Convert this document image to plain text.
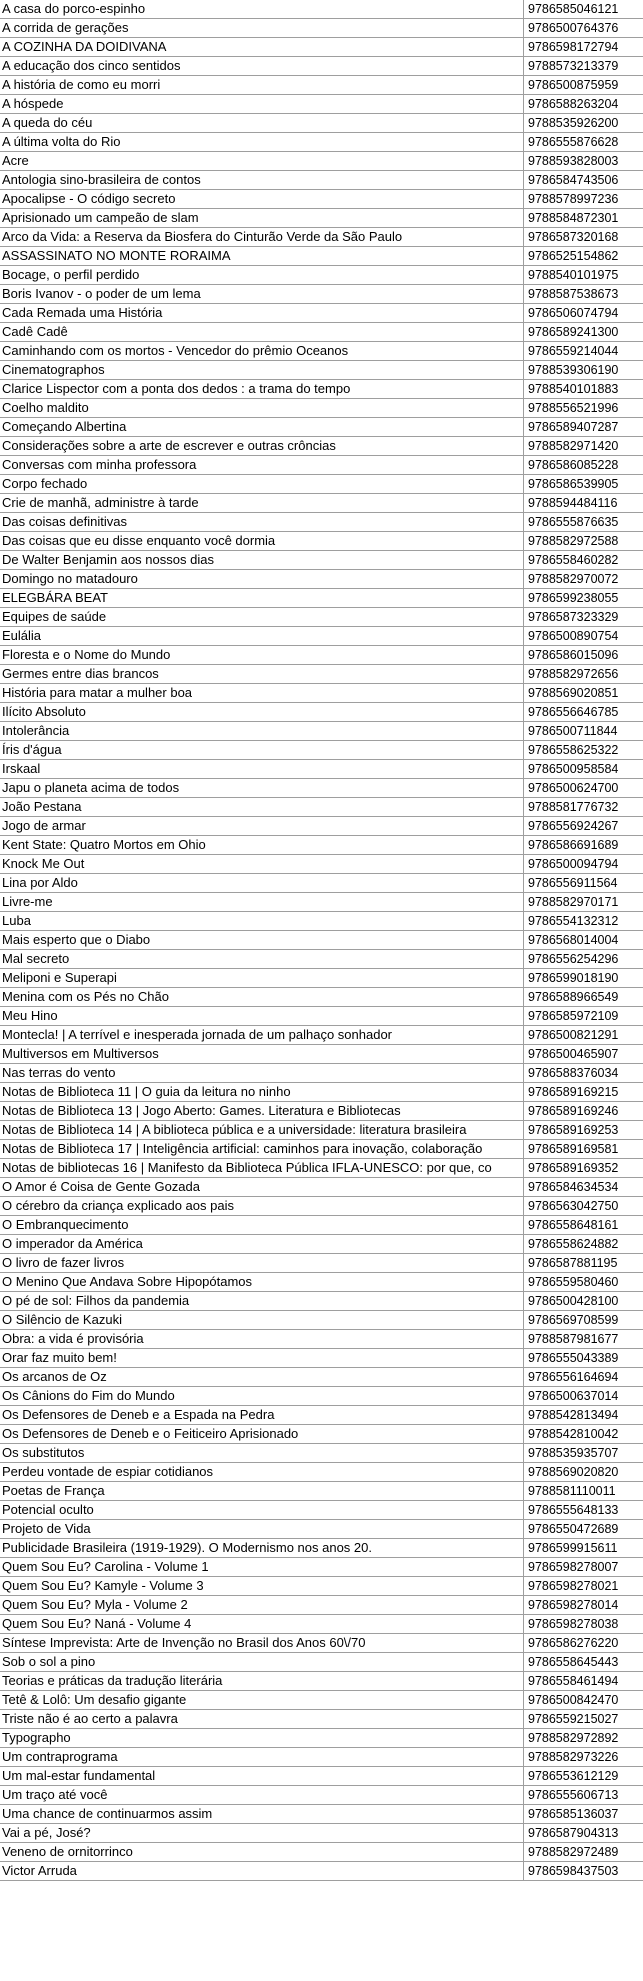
A casa do porco-espinho	9786585046121
A corrida de gerações	9786500764376
A COZINHA DA DOIDIVANA	9786598172794
A educação dos cinco sentidos	9788573213379
A história de como eu morri	9786500875959
A hóspede	9786588263204
A queda do céu	9788535926200
A última volta do Rio	9786555876628
Acre	9788593828003
Antologia sino-brasileira de contos	9786584743506
Apocalipse - O código secreto	9788578997236
Aprisionado um campeão de slam	9788584872301
Arco da Vida: a Reserva da Biosfera do Cinturão Verde da São Paulo	9786587320168
ASSASSINATO NO MONTE RORAIMA	9786525154862
Bocage, o perfil perdido	9788540101975
Boris Ivanov - o poder de um lema	9788587538673
Cada Remada uma História	9786506074794
Cadê Cadê	9786589241300
Caminhando com os mortos - Vencedor do prêmio Oceanos	9786559214044
Cinematographos	9788539306190
Clarice Lispector com a ponta dos dedos : a trama do tempo	9788540101883
Coelho maldito	9788556521996
Começando Albertina	9786589407287
Considerações sobre a arte de escrever e outras crôncias	9788582971420
Conversas com minha professora	9786586085228
Corpo fechado	9786586539905
Crie de manhã, administre à tarde	9788594484116
Das coisas definitivas	9786555876635
Das coisas que eu disse enquanto você dormia	9788582972588
De Walter Benjamin aos nossos dias	9786558460282
Domingo no matadouro	9788582970072
ELEGBÁRA BEAT	9786599238055
Equipes de saúde	9786587323329
Eulália	9786500890754
Floresta e o Nome do Mundo	9786586015096
Germes entre dias brancos	9788582972656
História para matar a mulher boa	9788569020851
Ilícito Absoluto	9786556646785
Intolerância	9786500711844
Íris d'água	9786558625322
Irskaal	9786500958584
Japu o planeta acima de todos	9786500624700
João Pestana	9788581776732
Jogo de armar	9786556924267
Kent State: Quatro Mortos em Ohio	9786586691689
Knock Me Out	9786500094794
Lina por Aldo	9786556911564
Livre-me	9788582970171
Luba	9786554132312
Mais esperto que o Diabo	9786568014004
Mal secreto	9786556254296
Meliponi e Superapi	9786599018190
Menina com os Pés no Chão	9786588966549
Meu Hino	9786585972109
Montecla! | A terrível e inesperada jornada de um palhaço sonhador	9786500821291
Multiversos em Multiversos	9786500465907
Nas terras do vento	9786588376034
Notas de Biblioteca 11 | O guia da leitura no ninho	9786589169215
Notas de Biblioteca 13 | Jogo Aberto: Games. Literatura e Bibliotecas	9786589169246
Notas de Biblioteca 14 | A biblioteca pública e a universidade: literatura brasileira	9786589169253
Notas de Biblioteca 17 | Inteligência artificial: caminhos para inovação, colaboração	9786589169581
Notas de bibliotecas 16 | Manifesto da Biblioteca Pública IFLA-UNESCO: por que, co	9786589169352
O Amor é Coisa de Gente Gozada	9786584634534
O cérebro da criança explicado aos pais	9786563042750
O Embranquecimento	9786558648161
O imperador da América	9786558624882
O livro de fazer livros	9786587881195
O Menino Que Andava Sobre Hipopótamos	9786559580460
O pé de sol: Filhos da pandemia	9786500428100
O Silêncio de Kazuki	9786569708599
Obra: a vida é provisória	9788587981677
Orar faz muito bem!	9786555043389
Os arcanos de Oz	9786556164694
Os Cânions do Fim do Mundo	9786500637014
Os Defensores de Deneb e a Espada na Pedra	9788542813494
Os Defensores de Deneb e o Feiticeiro Aprisionado	9788542810042
Os substitutos	9788535935707
Perdeu vontade de espiar cotidianos	9788569020820
Poetas de França	9788581110011
Potencial oculto	9786555648133
Projeto de Vida	9786550472689
Publicidade Brasileira (1919-1929). O Modernismo nos anos 20.	9786599915611
Quem Sou Eu? Carolina - Volume 1	9786598278007
Quem Sou Eu? Kamyle - Volume 3	9786598278021
Quem Sou Eu? Myla - Volume 2	9786598278014
Quem Sou Eu? Naná - Volume 4	9786598278038
Síntese Imprevista: Arte de Invenção no Brasil dos Anos 60\/70	9786586276220
Sob o sol a pino	9786558645443
Teorias e práticas da tradução literária	9786558461494
Tetê & Lolô: Um desafio gigante	9786500842470
Triste não é ao certo a palavra	9786559215027
Typographo	9788582972892
Um contraprograma	9788582973226
Um mal-estar fundamental	9786553612129
Um traço até você	9786555606713
Uma chance de continuarmos assim	9786585136037
Vai a pé, José?	9786587904313
Veneno de ornitorrinco	9788582972489
Victor Arruda	9786598437503
